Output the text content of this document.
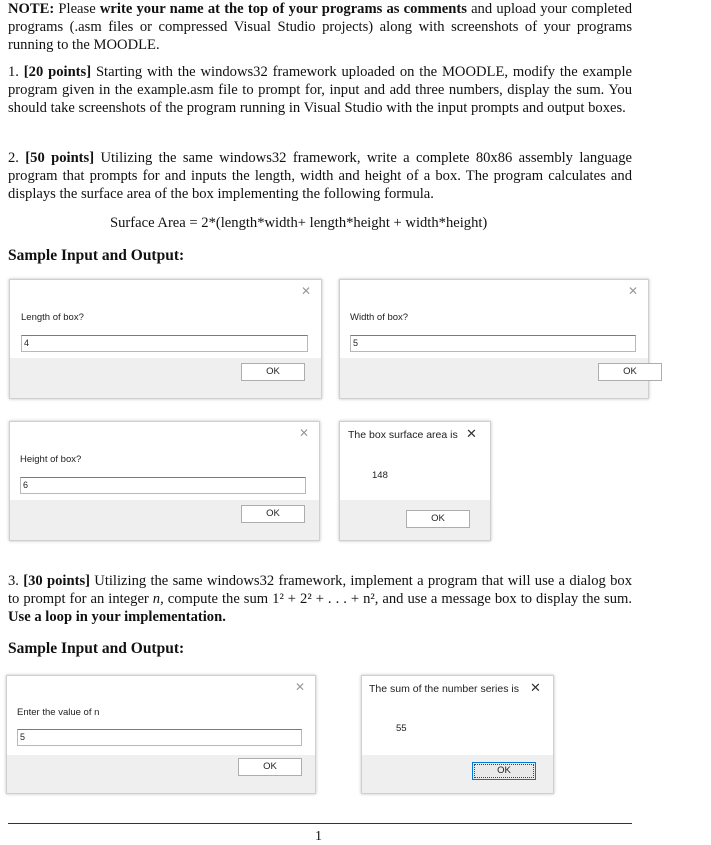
NOTE: Please write your name at the top of your programs as comments and upload your completed programs (.asm files or compressed Visual Studio projects) along with screenshots of your programs running to the MOODLE.

1. [20 points] Starting with the windows32 framework uploaded on the MOODLE, modify the example program given in the example.asm file to prompt for, input and add three numbers, display the sum. You should take screenshots of the program running in Visual Studio with the input prompts and output boxes.

2. [50 points] Utilizing the same windows32 framework, write a complete 80x86 assembly language program that prompts for and inputs the length, width and height of a box. The program calculates and displays the surface area of the box implementing the following formula.

Surface Area = 2*(length*width+ length*height + width*height)

Sample Input and Output:

✕
Length of box?
4
OK
✕
Width of box?
5
OK
✕
Height of box?
6
OK
The box surface area is ✕
148
OK

3. [30 points] Utilizing the same windows32 framework, implement a program that will use a dialog box to prompt for an integer n, compute the sum 1² + 2² + . . . + n², and use a message box to display the sum. Use a loop in your implementation.

Sample Input and Output:

✕
Enter the value of n
5
OK
The sum of the number series is ✕
55
OK
1
